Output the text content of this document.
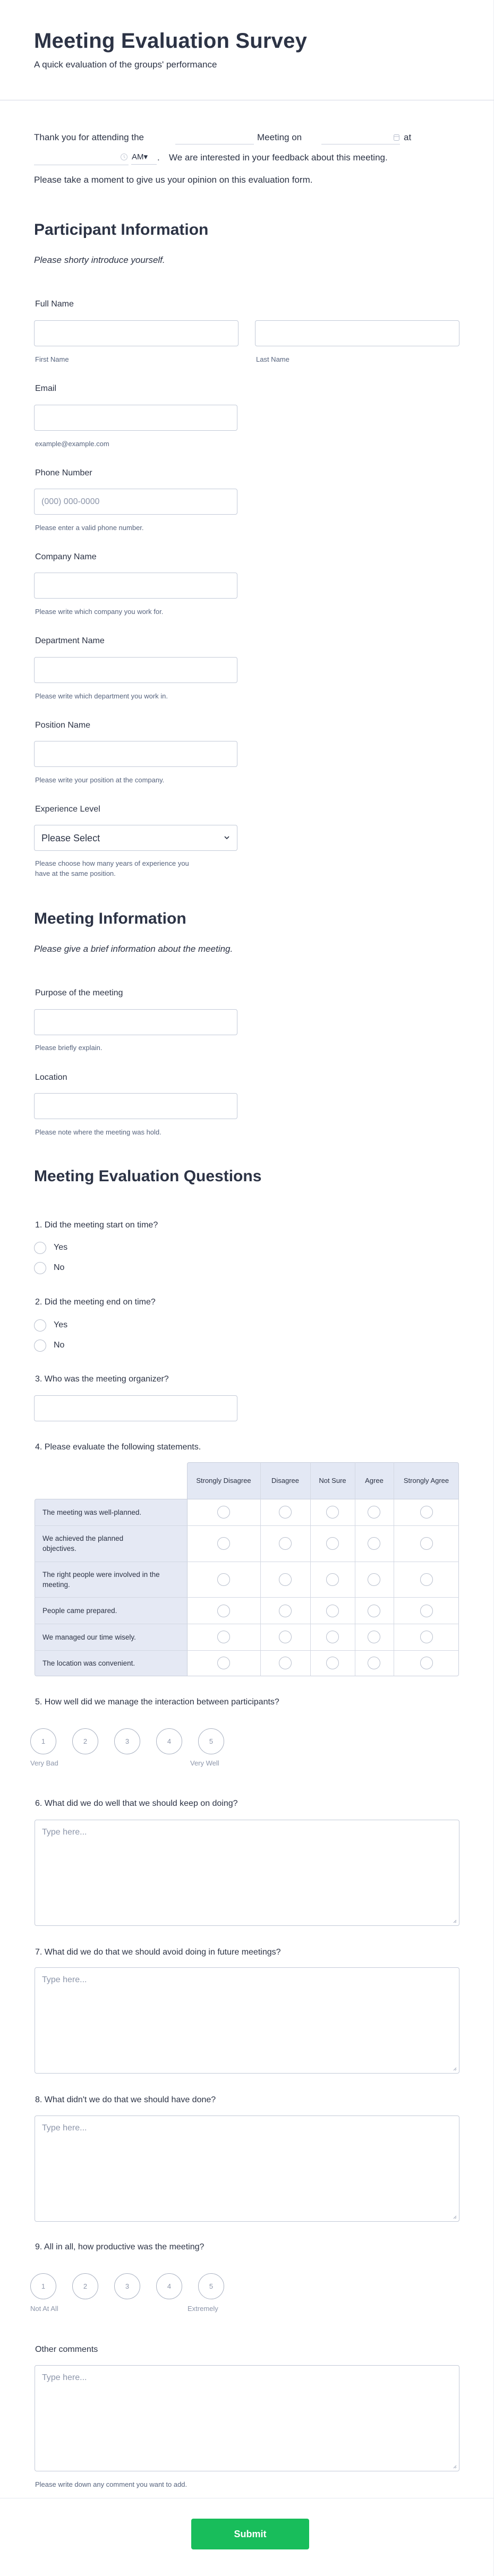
Meeting Evaluation Survey
A quick evaluation of the groups' performance
Thank you for attending the	Meeting on	at
AM▾ . We are interested in your feedback about this meeting.
Please take a moment to give us your opinion on this evaluation form.
Participant Information
Please shorty introduce yourself.
Full Name
First Name	Last Name
Email
example@example.com
Phone Number
(000) 000-0000
Please enter a valid phone number.
Company Name
Please write which company you work for.
Department Name
Please write which department you work in.
Position Name
Please write your position at the company.
Experience Level
Please Select
Please choose how many years of experience you have at the same position.
Meeting Information
Please give a brief information about the meeting.
Purpose of the meeting
Please briefly explain.
Location
Please note where the meeting was hold.
Meeting Evaluation Questions
1. Did the meeting start on time?
Yes
No
2. Did the meeting end on time?
Yes
No
3. Who was the meeting organizer?
4. Please evaluate the following statements.
Strongly Disagree	Disagree	Not Sure	Agree	Strongly Agree
The meeting was well-planned.
We achieved the planned objectives.
The right people were involved in the meeting.
People came prepared.
We managed our time wisely.
The location was convenient.
5. How well did we manage the interaction between participants?
1	2	3	4	5
Very Bad	Very Well
6. What did we do well that we should keep on doing?
Type here...
7. What did we do that we should avoid doing in future meetings?
Type here...
8. What didn't we do that we should have done?
Type here...
9. All in all, how productive was the meeting?
1	2	3	4	5
Not At All	Extremely
Other comments
Type here...
Please write down any comment you want to add.
Submit
